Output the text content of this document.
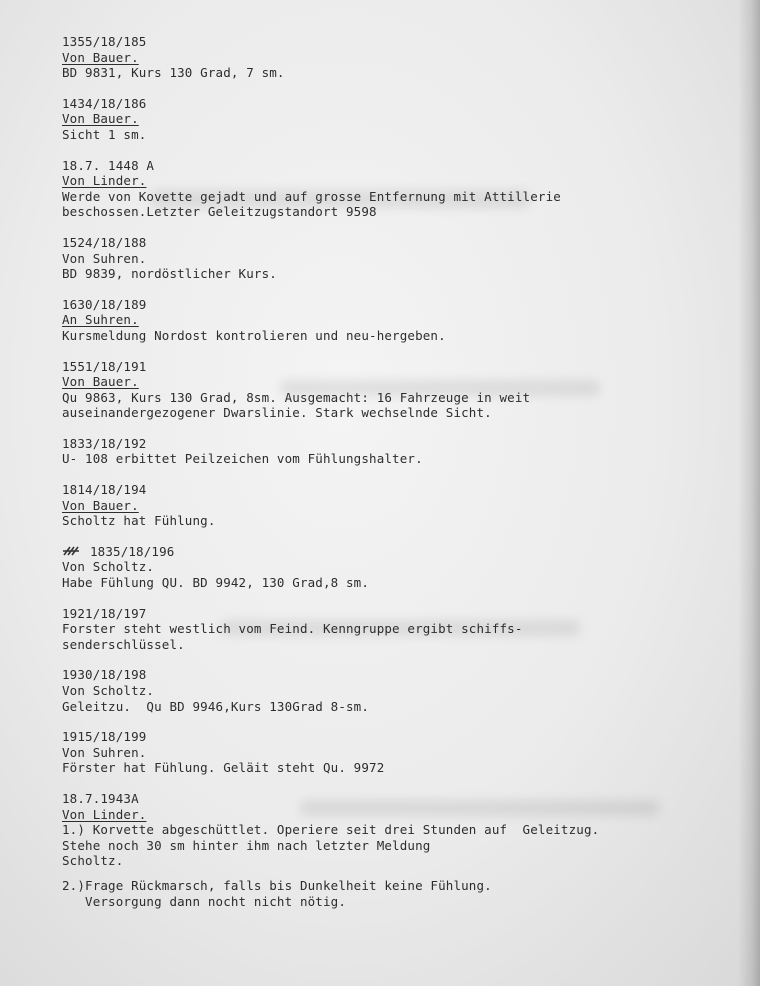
1355/18/185
Von Bauer.
BD 9831, Kurs 130 Grad, 7 sm.
1434/18/186
Von Bauer.
Sicht 1 sm.
18.7. 1448 A
Von Linder.
Werde von Kovette gejadt und auf grosse Entfernung mit Attillerie
beschossen.Letzter Geleitzugstandort 9598
1524/18/188
Von Suhren.
BD 9839, nordöstlicher Kurs.
1630/18/189
An Suhren.
Kursmeldung Nordost kontrolieren und neu-hergeben.
1551/18/191
Von Bauer.
Qu 9863, Kurs 130 Grad, 8sm. Ausgemacht: 16 Fahrzeuge in weit
auseinandergezogener Dwarslinie. Stark wechselnde Sicht.
1833/18/192
U- 108 erbittet Peilzeichen vom Fühlungshalter.
1814/18/194
Von Bauer.
Scholtz hat Fühlung.
1835/18/196
Von Scholtz.
Habe Fühlung QU. BD 9942, 130 Grad,8 sm.
1921/18/197
Forster steht westlich vom Feind. Kenngruppe ergibt schiffs-
senderschlüssel.
1930/18/198
Von Scholtz.
Geleitzu.  Qu BD 9946,Kurs 130Grad 8-sm.
1915/18/199
Von Suhren.
Förster hat Fühlung. Geläit steht Qu. 9972
18.7.1943A
Von Linder.
1.) Korvette abgeschüttlet. Operiere seit drei Stunden auf  Geleitzug.
Stehe noch 30 sm hinter ihm nach letzter Meldung
Scholtz.
2.)Frage Rückmarsch, falls bis Dunkelheit keine Fühlung.
Versorgung dann nocht nicht nötig.
